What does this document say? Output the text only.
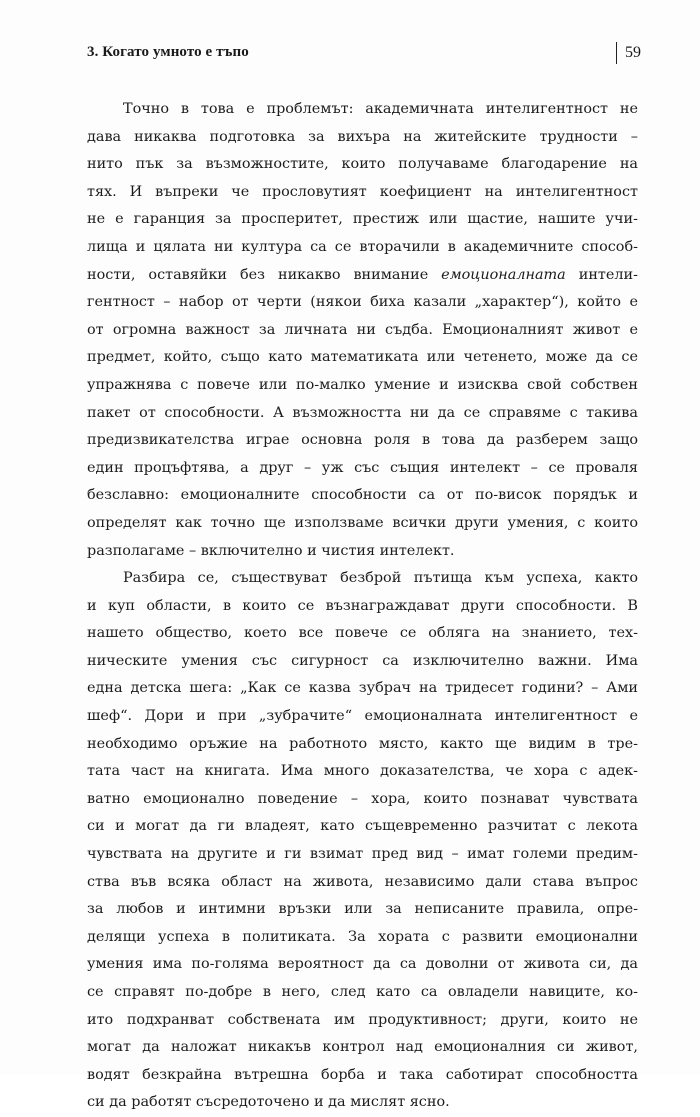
3. Когато умното е тъпо	59
Точно в това е проблемът: академичната интелигентност не
дава никаква подготовка за вихъра на житейските трудности –
нито пък за възможностите, които получаваме благодарение на
тях. И въпреки че прословутият коефициент на интелигентност
не е гаранция за просперитет, престиж или щастие, нашите учи-
лища и цялата ни култура са се вторачили в академичните способ-
ности, оставяйки без никакво внимание емоционалната интели-
гентност – набор от черти (някои биха казали „характер“), който е
от огромна важност за личната ни съдба. Емоционалният живот е
предмет, който, също като математиката или четенето, може да се
упражнява с повече или по-малко умение и изисква свой собствен
пакет от способности. А възможността ни да се справяме с такива
предизвикателства играе основна роля в това да разберем защо
един процъфтява, а друг – уж със същия интелект – се проваля
безславно: емоционалните способности са от по-висок порядък и
определят как точно ще използваме всички други умения, с които
разполагаме – включително и чистия интелект.
Разбира се, съществуват безброй пътища към успеха, както
и куп области, в които се възнаграждават други способности. В
нашето общество, което все повече се обляга на знанието, тех-
ническите умения със сигурност са изключително важни. Има
една детска шега: „Как се казва зубрач на тридесет години? – Ами
шеф“. Дори и при „зубрачите“ емоционалната интелигентност е
необходимо оръжие на работното място, както ще видим в тре-
тата част на книгата. Има много доказателства, че хора с адек-
ватно емоционално поведение – хора, които познават чувствата
си и могат да ги владеят, като същевременно разчитат с лекота
чувствата на другите и ги взимат пред вид – имат големи предим-
ства във всяка област на живота, независимо дали става въпрос
за любов и интимни връзки или за неписаните правила, опре-
делящи успеха в политиката. За хората с развити емоционални
умения има по-голяма вероятност да са доволни от живота си, да
се справят по-добре в него, след като са овладели навиците, ко-
ито подхранват собствената им продуктивност; други, които не
могат да наложат никакъв контрол над емоционалния си живот,
водят безкрайна вътрешна борба и така саботират способността
си да работят съсредоточено и да мислят ясно.
